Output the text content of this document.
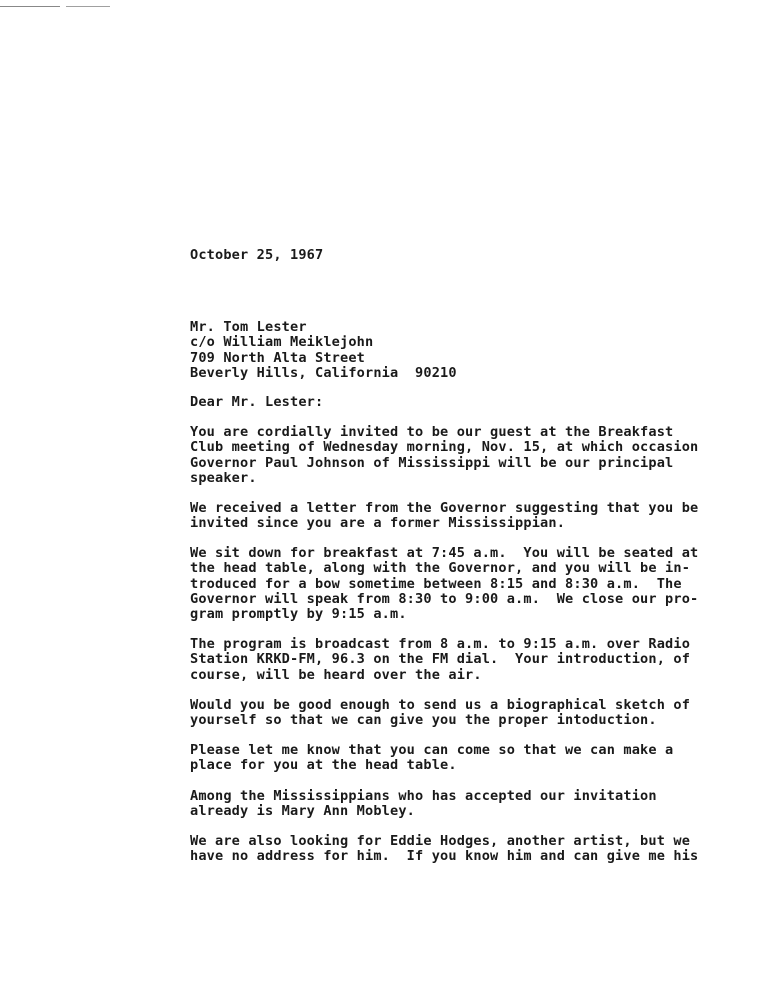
October 25, 1967
Mr. Tom Lester
c/o William Meiklejohn
709 North Alta Street
Beverly Hills, California  90210
Dear Mr. Lester:
You are cordially invited to be our guest at the Breakfast
Club meeting of Wednesday morning, Nov. 15, at which occasion
Governor Paul Johnson of Mississippi will be our principal
speaker.
We received a letter from the Governor suggesting that you be
invited since you are a former Mississippian.
We sit down for breakfast at 7:45 a.m.  You will be seated at
the head table, along with the Governor, and you will be in-
troduced for a bow sometime between 8:15 and 8:30 a.m.  The
Governor will speak from 8:30 to 9:00 a.m.  We close our pro-
gram promptly by 9:15 a.m.
The program is broadcast from 8 a.m. to 9:15 a.m. over Radio
Station KRKD-FM, 96.3 on the FM dial.  Your introduction, of
course, will be heard over the air.
Would you be good enough to send us a biographical sketch of
yourself so that we can give you the proper intoduction.
Please let me know that you can come so that we can make a
place for you at the head table.
Among the Mississippians who has accepted our invitation
already is Mary Ann Mobley.
We are also looking for Eddie Hodges, another artist, but we
have no address for him.  If you know him and can give me his
